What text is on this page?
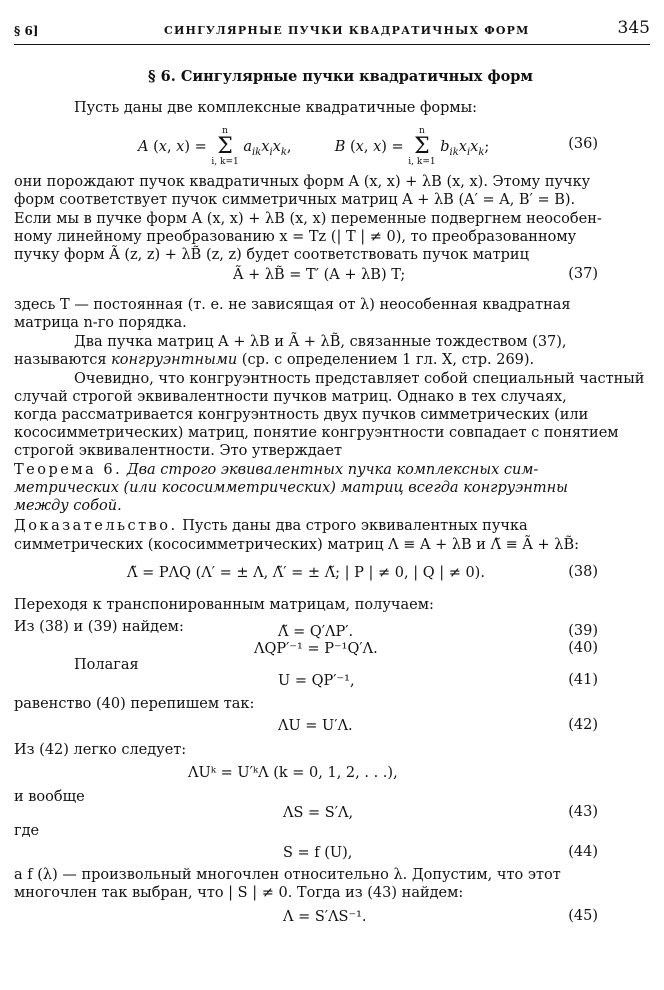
§ 6]	СИНГУЛЯРНЫЕ ПУЧКИ КВАДРАТИЧНЫХ ФОРМ	345
§ 6. Сингулярные пучки квадратичных форм
Пусть даны две комплексные квадратичные формы:
A (x, x) =
n
Σ
i, k=1
$a_{ik}x_ix_k$,	B (x, x) =
n
Σ
i, k=1
$b_{ik}x_ix_k$;	(36)
они порождают пучок квадратичных форм A (x, x) + λB (x, x). Этому пучку
форм соответствует пучок симметричных матриц A + λB (A′ = A, B′ = B).
Если мы в пучке форм A (x, x) + λB (x, x) переменные подвергнем неособен-
ному линейному преобразованию x = Tz (| T | ≠ 0), то преобразованному
пучку форм Ã (z, z) + λB̃ (z, z) будет соответствовать пучок матриц
Ã + λB̃ = T′ (A + λB) T;	(37)
здесь T — постоянная (т. е. не зависящая от λ) неособенная квадратная
матрица n-го порядка.
Два пучка матриц A + λB и Ã + λB̃, связанные тождеством (37),
называются конгруэнтными (ср. с определением 1 гл. X, стр. 269).
Очевидно, что конгруэнтность представляет собой специальный частный
случай строгой эквивалентности пучков матриц. Однако в тех случаях,
когда рассматривается конгруэнтность двух пучков симметрических (или
кососимметрических) матриц, понятие конгруэнтности совпадает с понятием
строгой эквивалентности. Это утверждает
Теорема 6. Два строго эквивалентных пучка комплексных сим-
метрических (или кососимметрических) матриц всегда конгруэнтны
между собой.
Доказательство. Пусть даны два строго эквивалентных пучка
симметрических (кососимметрических) матриц Λ ≡ A + λB и Λ̃ ≡ Ã + λB̃:
Λ̃ = PΛQ (Λ′ = ± Λ, Λ̃′ = ± Λ̃; | P | ≠ 0, | Q | ≠ 0).	(38)
Переходя к транспонированным матрицам, получаем:
Λ̃ = Q′ΛP′.	(39)
Из (38) и (39) найдем:
ΛQP′⁻¹ = P⁻¹Q′Λ.	(40)
Полагая
U = QP′⁻¹,	(41)
равенство (40) перепишем так:
ΛU = U′Λ.	(42)
Из (42) легко следует:
ΛUᵏ = U′ᵏΛ (k = 0, 1, 2, . . .),
и вообще
ΛS = S′Λ,	(43)
где
S = f (U),	(44)
а f (λ) — произвольный многочлен относительно λ. Допустим, что этот
многочлен так выбран, что | S | ≠ 0. Тогда из (43) найдем:
Λ = S′ΛS⁻¹.	(45)
